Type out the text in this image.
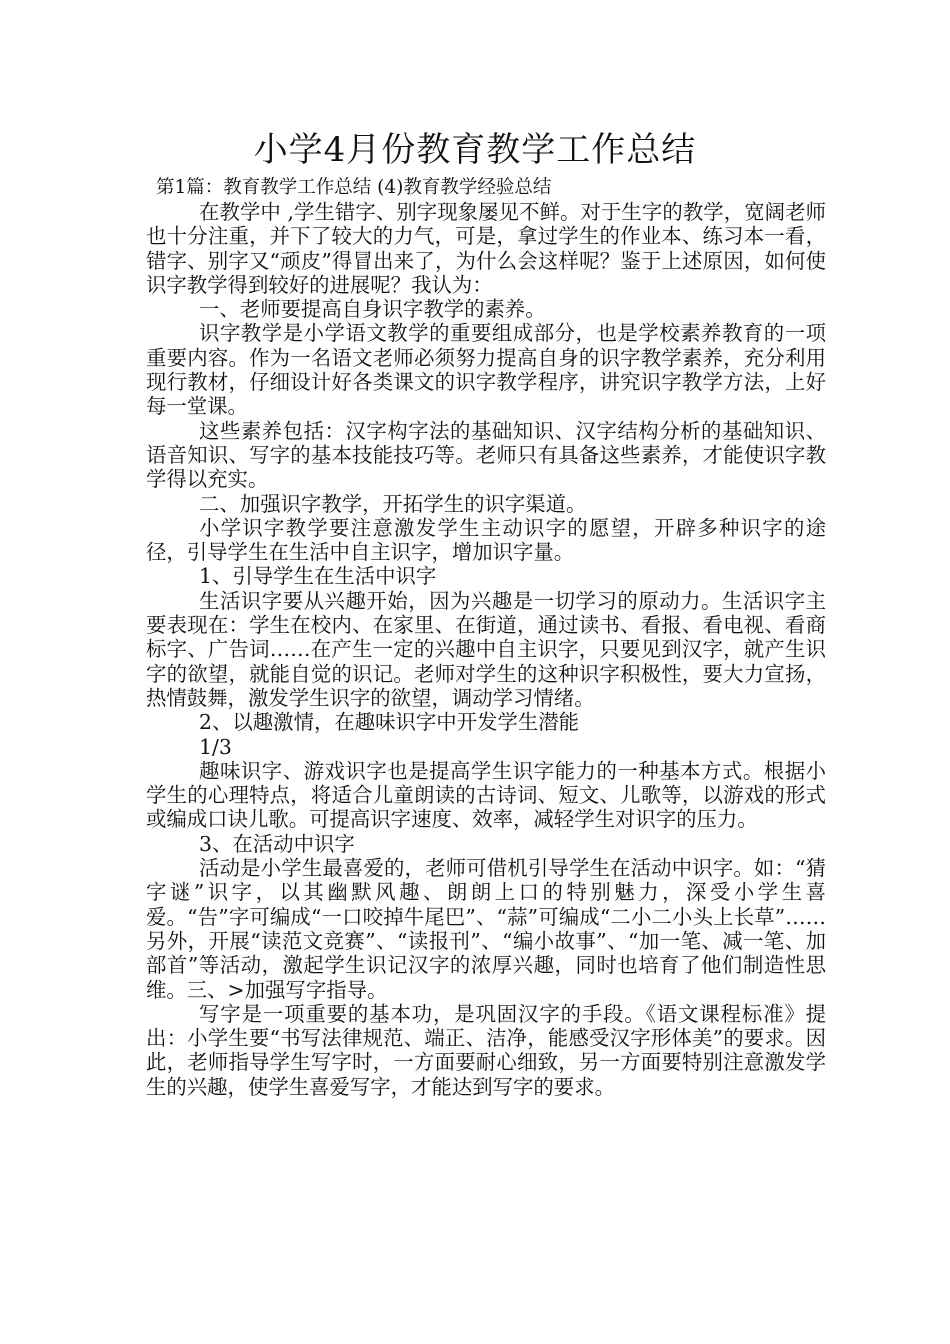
小学4月份教育教学工作总结
第1篇：教育教学工作总结 (4)教育教学经验总结

在教学中 ,学生错字、别字现象屡见不鲜。对于生字的教学，宽阔老师也十分注重，并下了较大的力气，可是，拿过学生的作业本、练习本一看，错字、别字又“顽皮”得冒出来了，为什么会这样呢？鉴于上述原因，如何使识字教学得到较好的进展呢？我认为：

一、老师要提高自身识字教学的素养。

识字教学是小学语文教学的重要组成部分，也是学校素养教育的一项重要内容。作为一名语文老师必须努力提高自身的识字教学素养，充分利用现行教材，仔细设计好各类课文的识字教学程序，讲究识字教学方法，上好每一堂课。

这些素养包括：汉字构字法的基础知识、汉字结构分析的基础知识、语音知识、写字的基本技能技巧等。老师只有具备这些素养，才能使识字教学得以充实。

二、加强识字教学，开拓学生的识字渠道。

小学识字教学要注意激发学生主动识字的愿望，开辟多种识字的途径，引导学生在生活中自主识字，增加识字量。

1、引导学生在生活中识字

生活识字要从兴趣开始，因为兴趣是一切学习的原动力。生活识字主要表现在：学生在校内、在家里、在街道，通过读书、看报、看电视、看商标字、广告词……在产生一定的兴趣中自主识字，只要见到汉字，就产生识字的欲望，就能自觉的识记。老师对学生的这种识字积极性，要大力宣扬，热情鼓舞，激发学生识字的欲望，调动学习情绪。

2、以趣激情，在趣味识字中开发学生潜能

1/3

趣味识字、游戏识字也是提高学生识字能力的一种基本方式。根据小学生的心理特点，将适合儿童朗读的古诗词、短文、儿歌等，以游戏的形式或编成口诀儿歌。可提高识字速度、效率，减轻学生对识字的压力。

3、在活动中识字

活动是小学生最喜爱的，老师可借机引导学生在活动中识字。如：“猜字谜”识字，以其幽默风趣、朗朗上口的特别魅力，深受小学生喜爱。“告”字可编成“一口咬掉牛尾巴”、“蒜”可编成“二小二小头上长草”……另外，开展“读范文竞赛”、“读报刊”、“编小故事”、“加一笔、减一笔、加部首”等活动，激起学生识记汉字的浓厚兴趣，同时也培育了他们制造性思维。三、>加强写字指导。

写字是一项重要的基本功，是巩固汉字的手段。《语文课程标准》提出：小学生要“书写法律规范、端正、洁净，能感受汉字形体美”的要求。因此，老师指导学生写字时，一方面要耐心细致，另一方面要特别注意激发学生的兴趣，使学生喜爱写字，才能达到写字的要求。
